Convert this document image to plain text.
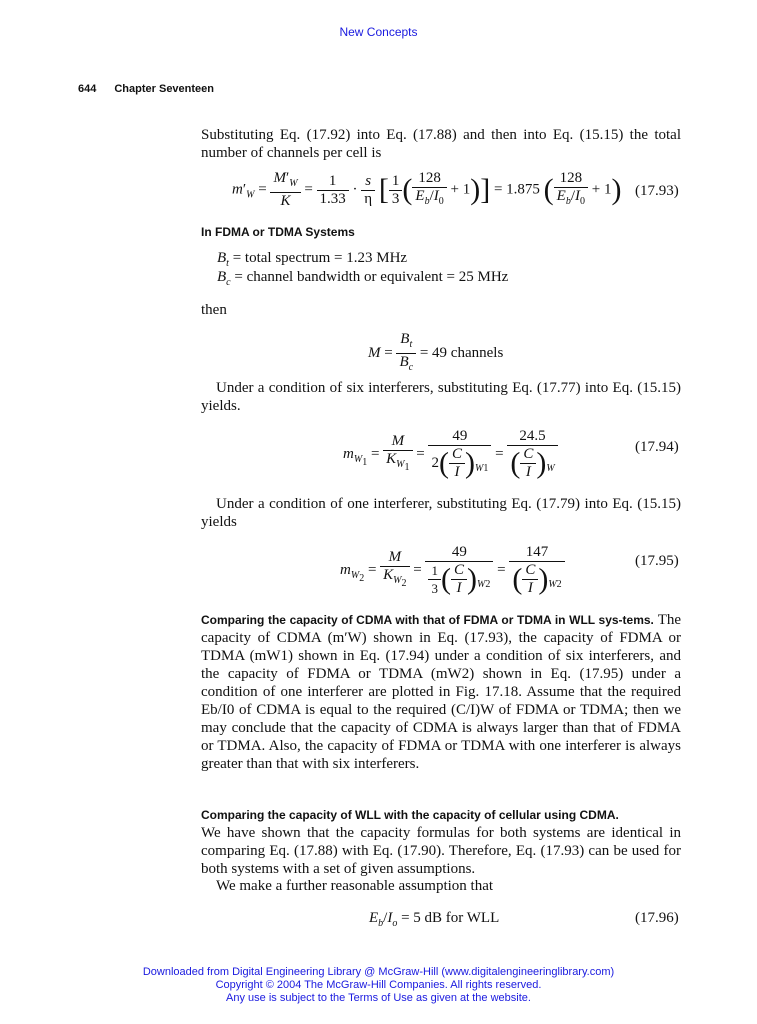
New Concepts
644 Chapter Seventeen
Substituting Eq. (17.92) into Eq. (17.88) and then into Eq. (15.15) the total number of channels per cell is
$m'_W = \frac{M'_W}{K} = \frac{1}{1.33} \cdot \frac{s}{\eta}$ [ $\frac{1}{3}$ ( $\frac{128}{E_b/I_0} + 1)] = 1.875$ ( $\frac{128}{E_b/I_0} + 1$) (17.93)
In FDMA or TDMA Systems
$B_t$ = total spectrum = 1.23 MHz
$B_c$ = channel bandwidth or equivalent = 25 MHz
then
$M = \frac{B_t}{B_c} = 49$ channels
Under a condition of six interferers, substituting Eq. (17.77) into Eq. (15.15) yields.
$m_{W_1} = \frac{M}{K_{W_1}} = \frac{49}{2( \frac{C}{I} )_{W1}} = \frac{24.5}{( \frac{C}{I} )_W}$	(17.94)
Under a condition of one interferer, substituting Eq. (17.79) into Eq. (15.15) yields
$m_{W_2} = \frac{M}{K_{W_2}} = \frac{49}{\frac{1}{3} ( \frac{C}{I} )_{W2}} = \frac{147}{( \frac{C}{I} )_{W2}}$	(17.95)
Comparing the capacity of CDMA with that of FDMA or TDMA in WLL sys-tems. The capacity of CDMA (m′W) shown in Eq. (17.93), the capacity of FDMA or TDMA (mW1) shown in Eq. (17.94) under a condition of six interferers, and the capacity of FDMA or TDMA (mW2) shown in Eq. (17.95) under a condition of one interferer are plotted in Fig. 17.18. Assume that the required Eb/I0 of CDMA is equal to the required (C/I)W of FDMA or TDMA; then we may conclude that the capacity of CDMA is always larger than that of FDMA or TDMA. Also, the capacity of FDMA or TDMA with one interferer is always greater than that with six interferers.
Comparing the capacity of WLL with the capacity of cellular using CDMA.
We have shown that the capacity formulas for both systems are identical in comparing Eq. (17.88) with Eq. (17.90). Therefore, Eq. (17.93) can be used for both systems with a set of given assumptions.
We make a further reasonable assumption that
$E_b/I_o = 5$ dB for WLL	(17.96)
Downloaded from Digital Engineering Library @ McGraw-Hill (www.digitalengineeringlibrary.com)
Copyright © 2004 The McGraw-Hill Companies. All rights reserved.
Any use is subject to the Terms of Use as given at the website.
